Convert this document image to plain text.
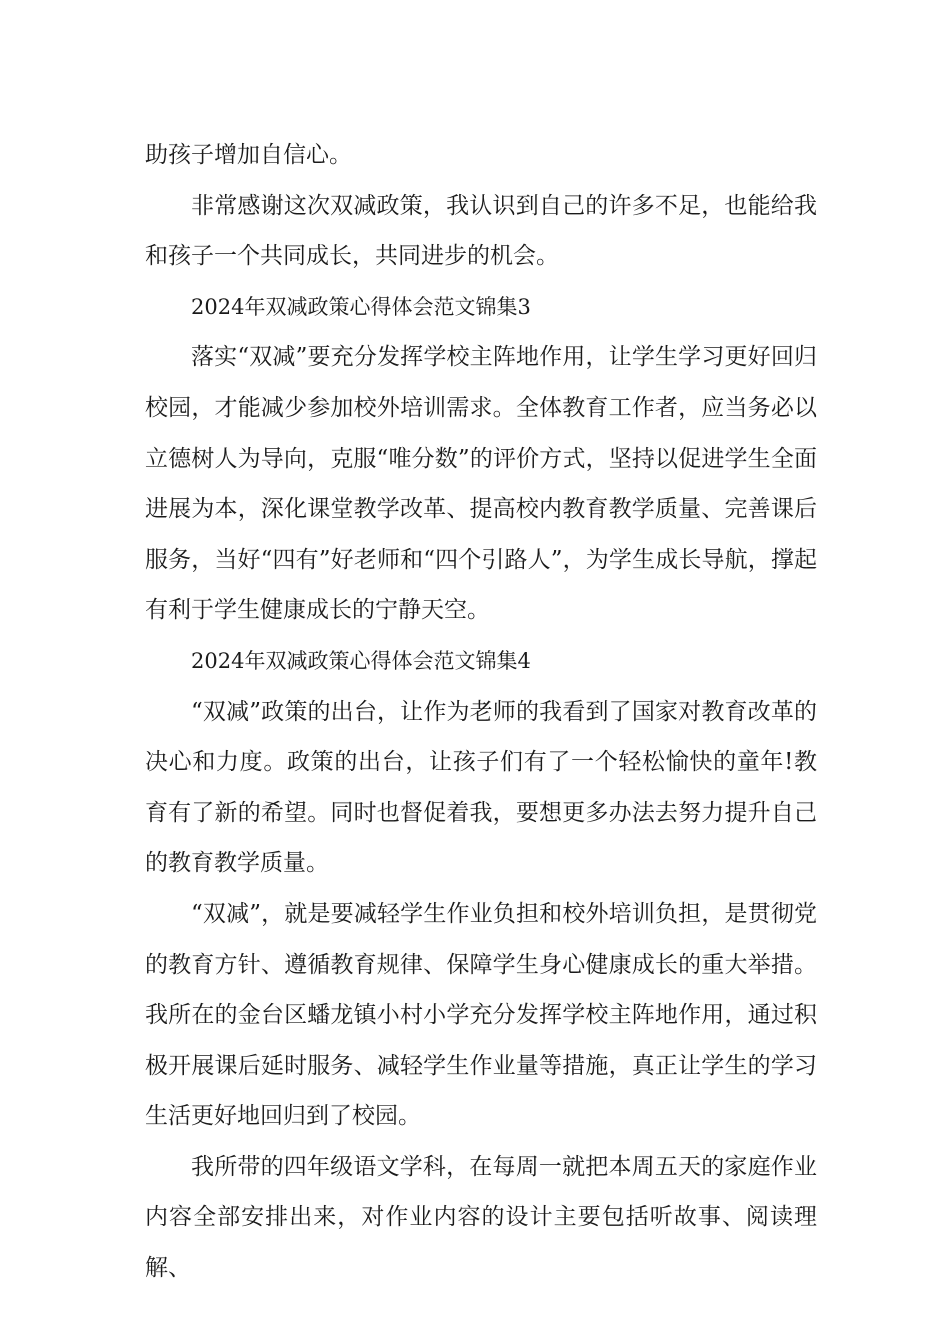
助孩子增加自信心。

非常感谢这次双减政策，我认识到自己的许多不足，也能给我和孩子一个共同成长，共同进步的机会。

2024年双减政策心得体会范文锦集3

落实“双减”要充分发挥学校主阵地作用，让学生学习更好回归校园，才能减少参加校外培训需求。全体教育工作者，应当务必以立德树人为导向，克服“唯分数”的评价方式，坚持以促进学生全面进展为本，深化课堂教学改革、提高校内教育教学质量、完善课后服务，当好“四有”好老师和“四个引路人”，为学生成长导航，撑起有利于学生健康成长的宁静天空。

2024年双减政策心得体会范文锦集4

“双减”政策的出台，让作为老师的我看到了国家对教育改革的决心和力度。政策的出台，让孩子们有了一个轻松愉快的童年!教育有了新的希望。同时也督促着我，要想更多办法去努力提升自己的教育教学质量。

“双减”，就是要减轻学生作业负担和校外培训负担，是贯彻党的教育方针、遵循教育规律、保障学生身心健康成长的重大举措。我所在的金台区蟠龙镇小村小学充分发挥学校主阵地作用，通过积极开展课后延时服务、减轻学生作业量等措施，真正让学生的学习生活更好地回归到了校园。

我所带的四年级语文学科，在每周一就把本周五天的家庭作业内容全部安排出来，对作业内容的设计主要包括听故事、阅读理解、
